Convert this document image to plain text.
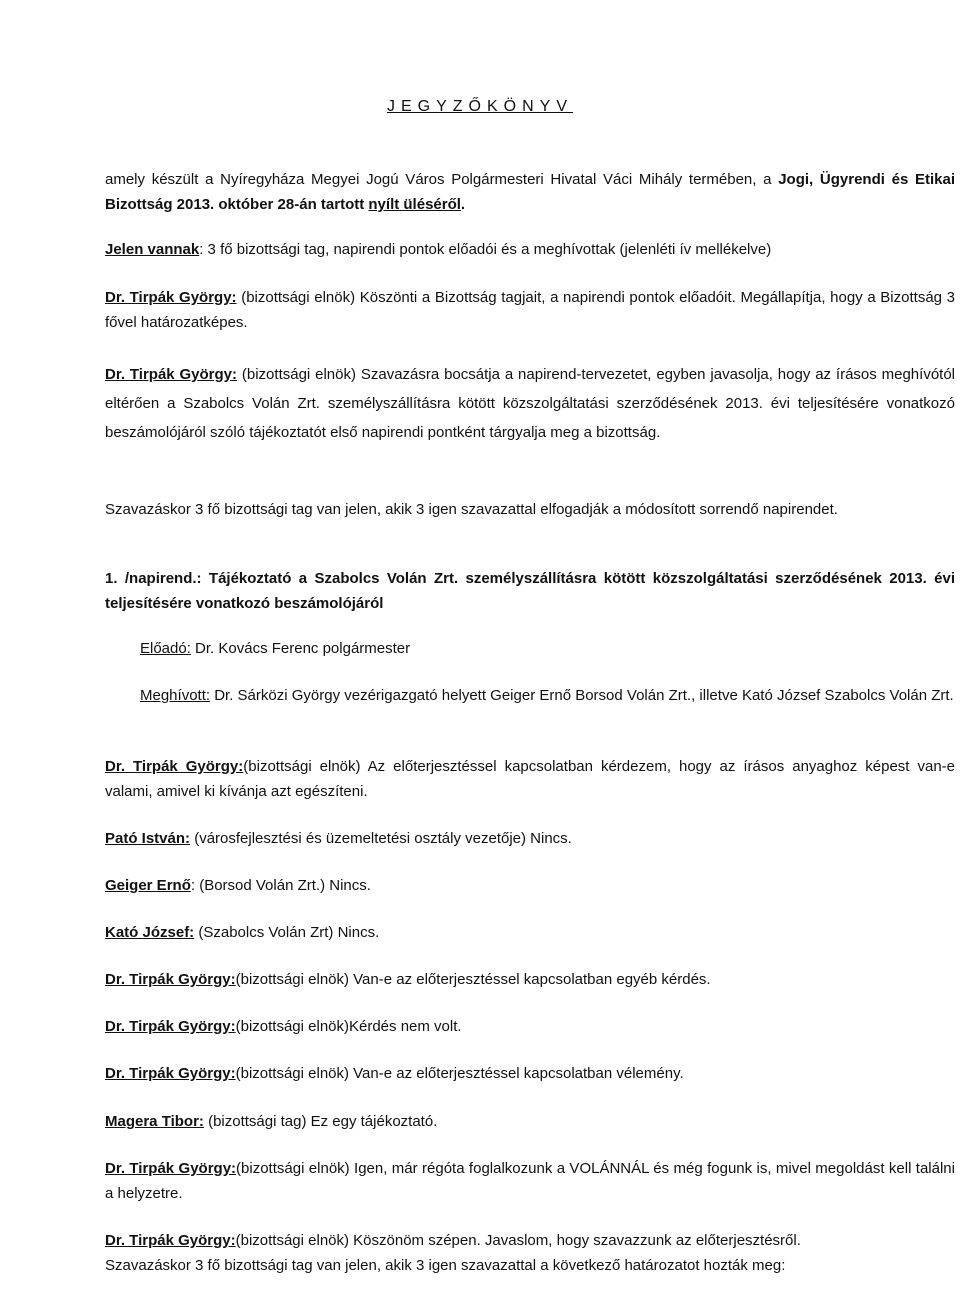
JEGYZŐKÖNYV

amely készült a Nyíregyháza Megyei Jogú Város Polgármesteri Hivatal Váci Mihály termében, a Jogi, Ügyrendi és Etikai Bizottság 2013. október 28-án tartott nyílt üléséről.

Jelen vannak: 3 fő bizottsági tag, napirendi pontok előadói és a meghívottak (jelenléti ív mellékelve)

Dr. Tirpák György: (bizottsági elnök) Köszönti a Bizottság tagjait, a napirendi pontok előadóit. Megállapítja, hogy a Bizottság 3 fővel határozatképes.

Dr. Tirpák György: (bizottsági elnök) Szavazásra bocsátja a napirend-tervezetet, egyben javasolja, hogy az írásos meghívótól eltérően a Szabolcs Volán Zrt. személyszállításra kötött közszolgáltatási szerződésének 2013. évi teljesítésére vonatkozó beszámolójáról szóló tájékoztatót első napirendi pontként tárgyalja meg a bizottság.

Szavazáskor 3 fő bizottsági tag van jelen, akik 3 igen szavazattal elfogadják a módosított sorrendő napirendet.

1. /napirend.: Tájékoztató a Szabolcs Volán Zrt. személyszállításra kötött közszolgáltatási szerződésének 2013. évi teljesítésére vonatkozó beszámolójáról

Előadó: Dr. Kovács Ferenc polgármester

Meghívott: Dr. Sárközi György vezérigazgató helyett Geiger Ernő Borsod Volán Zrt., illetve Kató József Szabolcs Volán Zrt.

Dr. Tirpák György:(bizottsági elnök) Az előterjesztéssel kapcsolatban kérdezem, hogy az írásos anyaghoz képest van-e valami, amivel ki kívánja azt egészíteni.

Pató István: (városfejlesztési és üzemeltetési osztály vezetője) Nincs.

Geiger Ernő: (Borsod Volán Zrt.) Nincs.

Kató József: (Szabolcs Volán Zrt) Nincs.

Dr. Tirpák György:(bizottsági elnök) Van-e az előterjesztéssel kapcsolatban egyéb kérdés.

Dr. Tirpák György:(bizottsági elnök)Kérdés nem volt.

Dr. Tirpák György:(bizottsági elnök) Van-e az előterjesztéssel kapcsolatban vélemény.

Magera Tibor: (bizottsági tag) Ez egy tájékoztató.

Dr. Tirpák György:(bizottsági elnök) Igen, már régóta foglalkozunk a VOLÁNNÁL és még fogunk is, mivel megoldást kell találni a helyzetre.

Dr. Tirpák György:(bizottsági elnök) Köszönöm szépen. Javaslom, hogy szavazzunk az előterjesztésről.
Szavazáskor 3 fő bizottsági tag van jelen, akik 3 igen szavazattal a következő határozatot hozták meg:
